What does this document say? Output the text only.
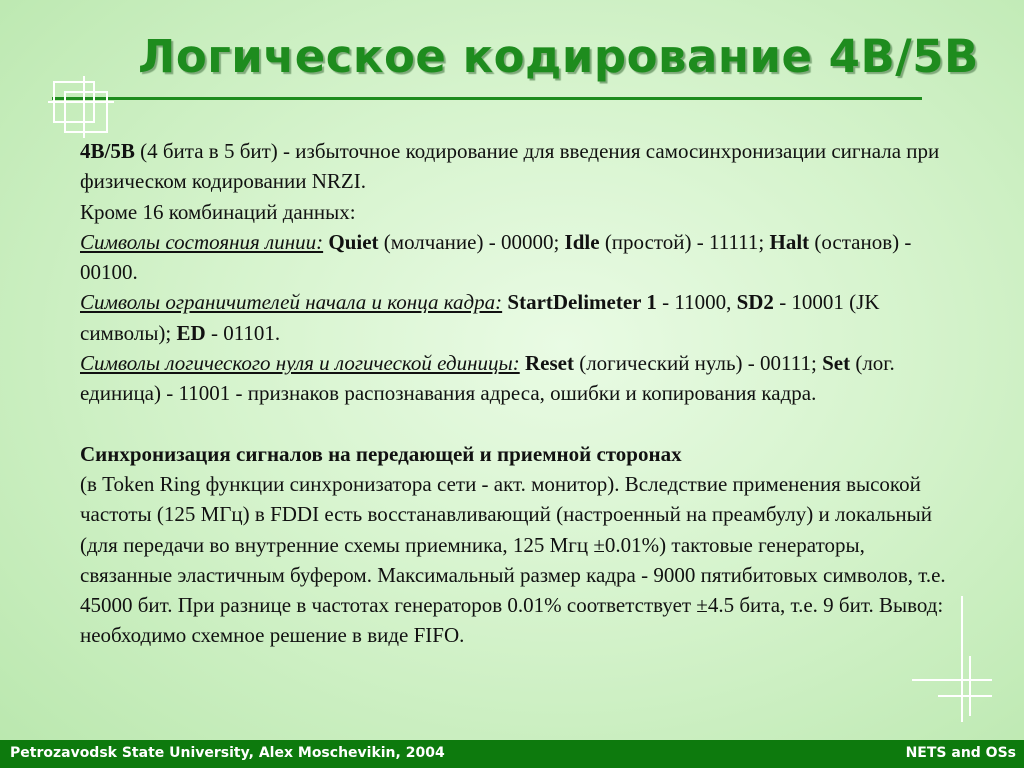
Логическое кодирование 4B/5B

4B/5B (4 бита в 5 бит) - избыточное кодирование для введения самосинхронизации сигнала при физическом кодировании NRZI.

Кроме 16 комбинаций данных:

Символы состояния линии: Quiet (молчание) - 00000; Idle (простой) - 11111; Halt (останов) - 00100.

Символы ограничителей начала и конца кадра: StartDelimeter 1 - 11000, SD2 - 10001 (JK символы); ED - 01101.

Символы логического нуля и логической единицы: Reset (логический нуль) - 00111; Set (лог. единица) - 11001 - признаков распознавания адреса, ошибки и копирования кадра.

Синхронизация сигналов на передающей и приемной сторонах

(в Token Ring функции синхронизатора сети - акт. монитор). Вследствие применения высокой частоты (125 МГц) в FDDI есть восстанавливающий (настроенный на преамбулу) и локальный (для передачи во внутренние схемы приемника, 125 Мгц ±0.01%) тактовые генераторы, связанные эластичным буфером. Максимальный размер кадра - 9000 пятибитовых символов, т.е. 45000 бит. При разнице в частотах генераторов 0.01% соответствует ±4.5 бита, т.е. 9 бит. Вывод: необходимо схемное решение в виде FIFO.

Petrozavodsk State University, Alex Moschevikin, 2004	NETS and OSs
